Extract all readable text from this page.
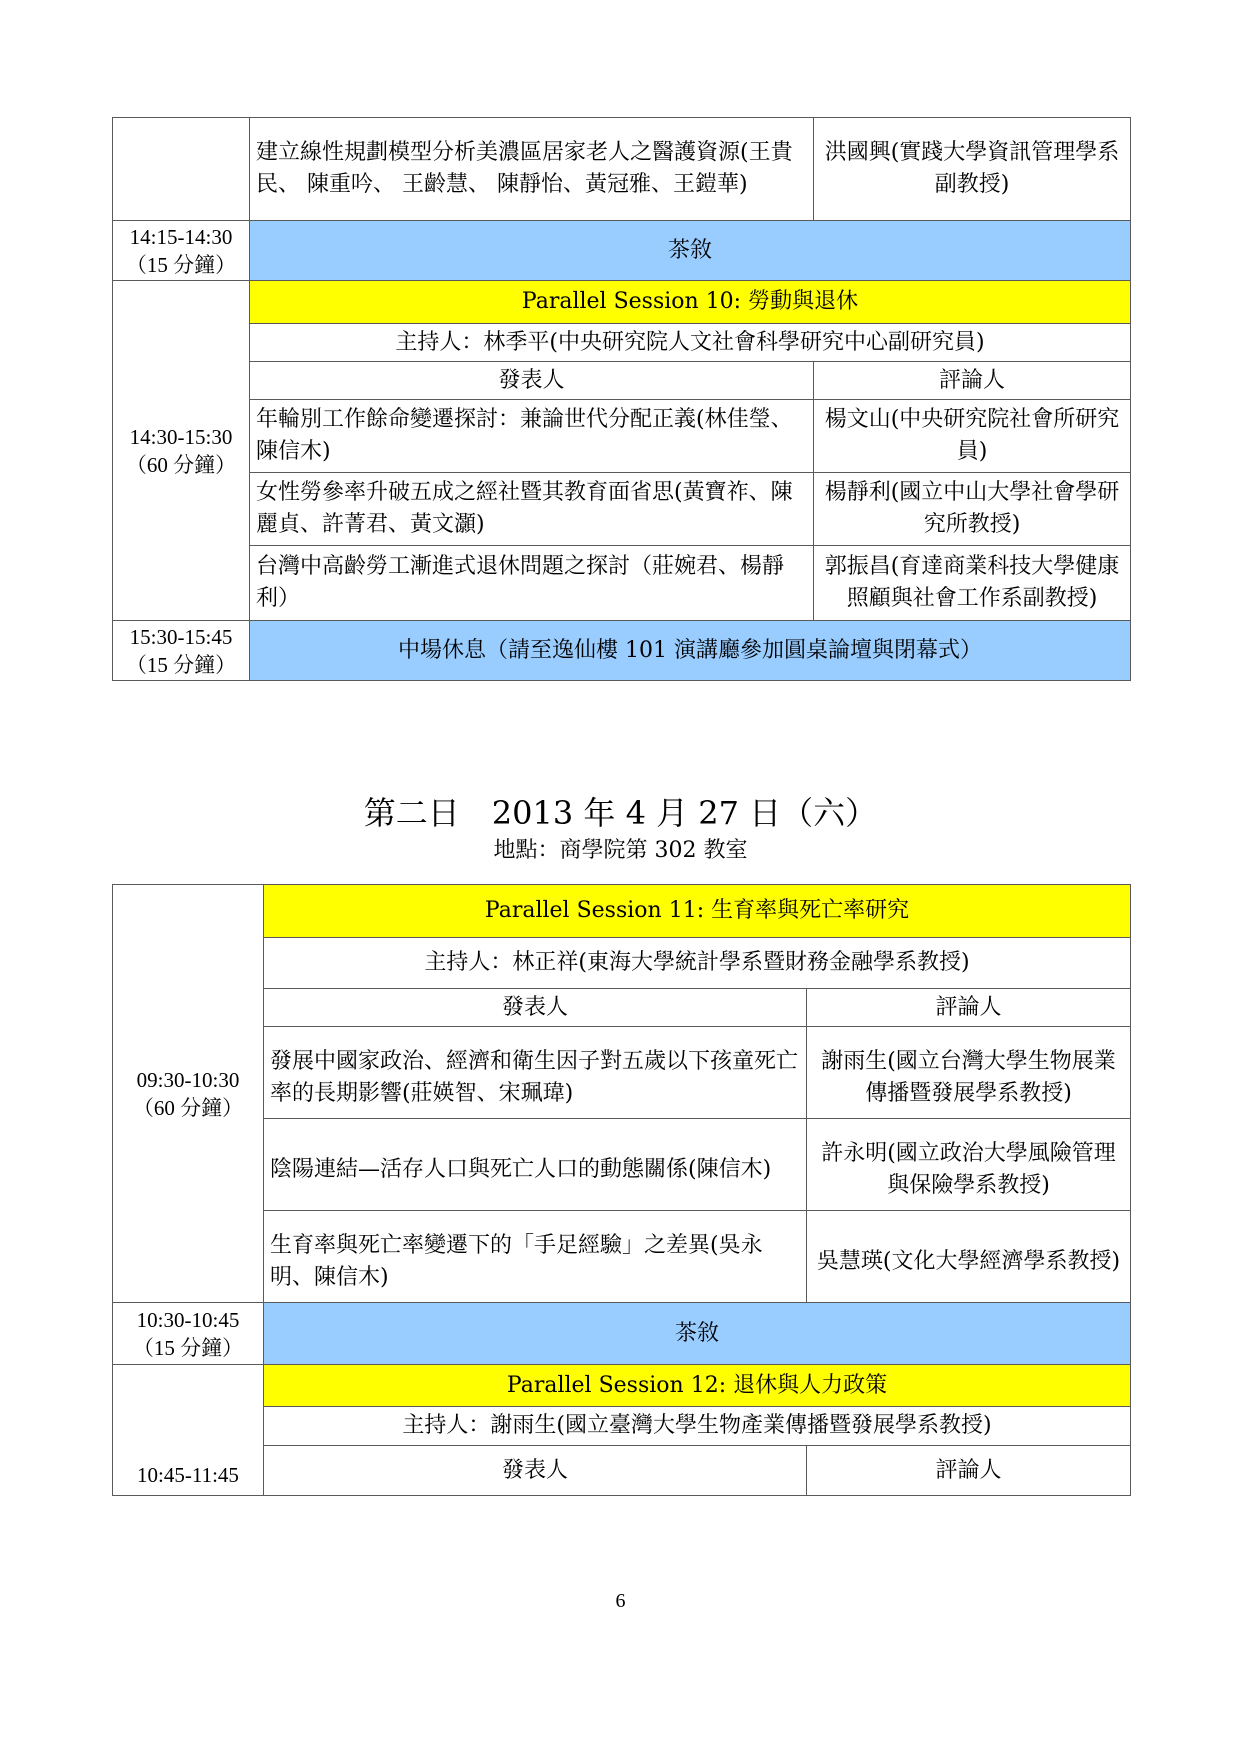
	建立線性規劃模型分析美濃區居家老人之醫護資源(王貴民、 陳重吟、 王齡慧、 陳靜怡、黃冠雅、王鎧華)	洪國興(實踐大學資訊管理學系副教授)

14:15-14:30
（15 分鐘）	茶敘	

14:30-15:30
（60 分鐘）	Parallel Session 10: 勞動與退休	
	主持人：林季平(中央研究院人文社會科學研究中心副研究員)	
	發表人	評論人
	年輪別工作餘命變遷探討：兼論世代分配正義(林佳瑩、陳信木)	楊文山(中央研究院社會所研究員)
	女性勞參率升破五成之經社暨其教育面省思(黃寶祚、陳麗貞、許菁君、黃文灝)	楊靜利(國立中山大學社會學研究所教授)
	台灣中高齡勞工漸進式退休問題之探討（莊婉君、楊靜利）	郭振昌(育達商業科技大學健康照顧與社會工作系副教授)

15:30-15:45
（15 分鐘）	中場休息（請至逸仙樓 101 演講廳參加圓桌論壇與閉幕式）	
第二日　2013 年 4 月 27 日（六）
地點：商學院第 302 教室
09:30-10:30
（60 分鐘）	Parallel Session 11: 生育率與死亡率研究	
	主持人：林正祥(東海大學統計學系暨財務金融學系教授)	
	發表人	評論人
	發展中國家政治、經濟和衛生因子對五歲以下孩童死亡率的長期影響(莊媖智、宋珮瑋)	謝雨生(國立台灣大學生物展業傳播暨發展學系教授)
	陰陽連結—活存人口與死亡人口的動態關係(陳信木)	許永明(國立政治大學風險管理與保險學系教授)
	生育率與死亡率變遷下的「手足經驗」之差異(吳永明、陳信木)	吳慧瑛(文化大學經濟學系教授)

10:30-10:45
（15 分鐘）	茶敘	

10:45-11:45	Parallel Session 12: 退休與人力政策	
	主持人：謝雨生(國立臺灣大學生物產業傳播暨發展學系教授)	
	發表人	評論人
6
